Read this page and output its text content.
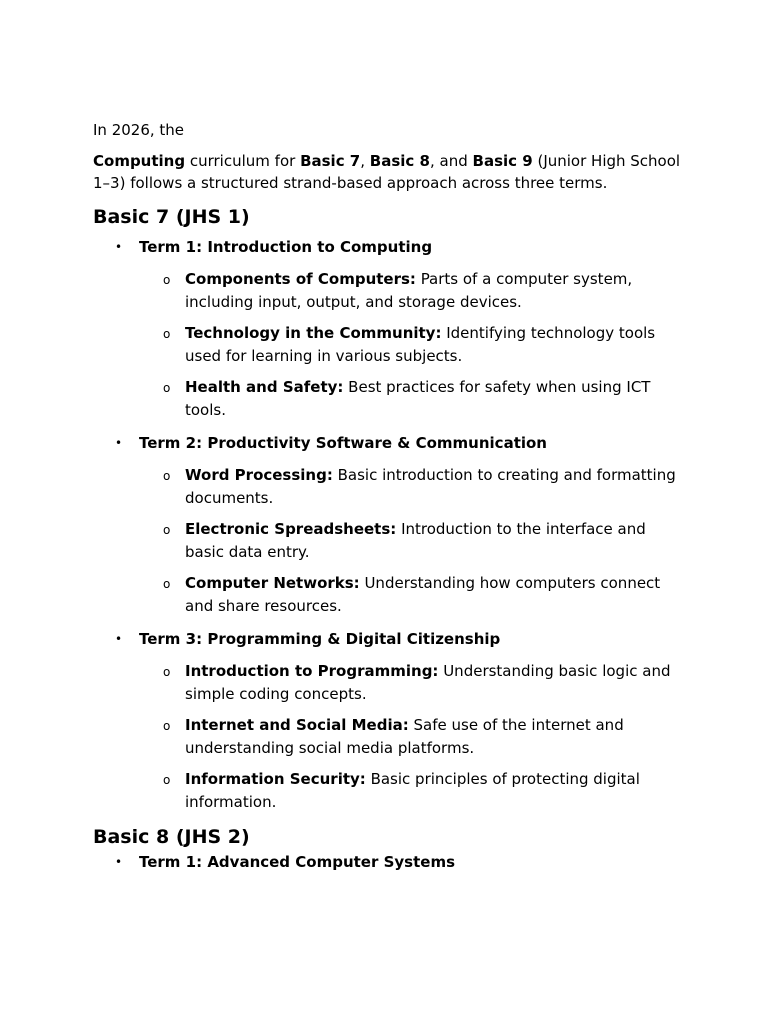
In 2026, the

Computing curriculum for Basic 7, Basic 8, and Basic 9 (Junior High School 1–3) follows a structured strand-based approach across three terms.

Basic 7 (JHS 1)
• Term 1: Introduction to Computing
o Components of Computers: Parts of a computer system, including input, output, and storage devices.
o Technology in the Community: Identifying technology tools used for learning in various subjects.
o Health and Safety: Best practices for safety when using ICT tools.
• Term 2: Productivity Software & Communication
o Word Processing: Basic introduction to creating and formatting documents.
o Electronic Spreadsheets: Introduction to the interface and basic data entry.
o Computer Networks: Understanding how computers connect and share resources.
• Term 3: Programming & Digital Citizenship
o Introduction to Programming: Understanding basic logic and simple coding concepts.
o Internet and Social Media: Safe use of the internet and understanding social media platforms.
o Information Security: Basic principles of protecting digital information.
Basic 8 (JHS 2)
• Term 1: Advanced Computer Systems
